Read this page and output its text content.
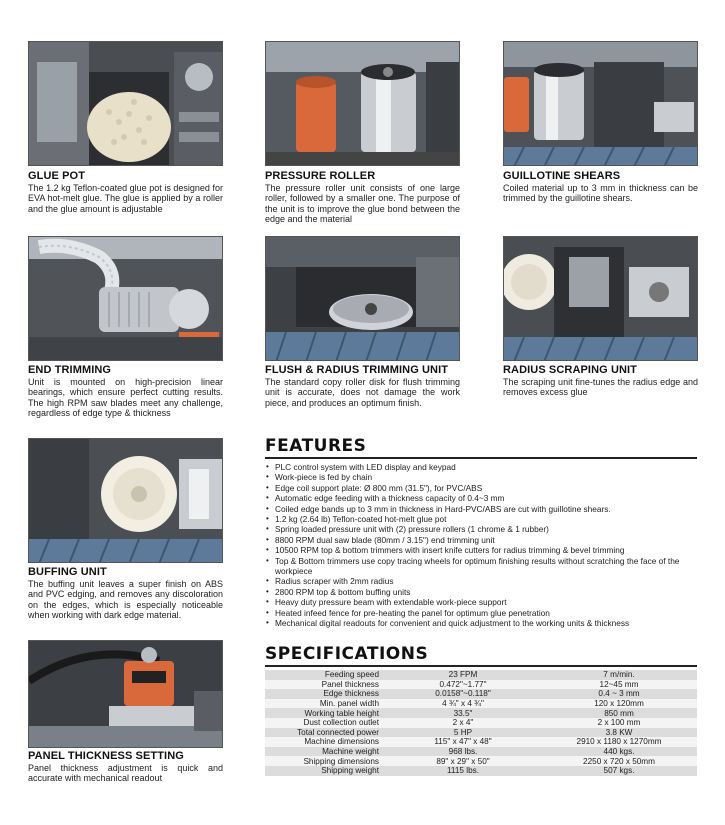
GLUE POT

The 1.2 kg Teflon-coated glue pot is designed for EVA hot-melt glue. The glue is applied by a roller and the glue amount is adjustable

PRESSURE ROLLER

The pressure roller unit consists of one large roller, followed by a smaller one. The purpose of the unit is to improve the glue bond between the edge and the material

GUILLOTINE SHEARS

Coiled material up to 3 mm in thickness can be trimmed by the guillotine shears.

END TRIMMING

Unit is mounted on high-precision linear bearings, which ensure perfect cutting results. The high RPM saw blades meet any challenge, regardless of edge type & thickness

FLUSH & RADIUS TRIMMING UNIT

The standard copy roller disk for flush trimming unit is accurate, does not damage the work piece, and produces an optimum finish.

RADIUS SCRAPING UNIT

The scraping unit fine-tunes the radius edge and removes excess glue

BUFFING UNIT

The buffing unit leaves a super finish on ABS and PVC edging, and removes any discoloration on the edges, which is especially noticeable when working with dark edge material.

PANEL THICKNESS SETTING

Panel thickness adjustment is quick and accurate with mechanical readout

FEATURES
• PLC control system with LED display and keypad
• Work-piece is fed by chain
• Edge coil support plate: Ø 800 mm (31.5"), for PVC/ABS
• Automatic edge feeding with a thickness capacity of 0.4~3 mm
• Coiled edge bands up to 3 mm in thickness in Hard-PVC/ABS are cut with guillotine shears.
• 1.2 kg (2.64 lb) Teflon-coated hot-melt glue pot
• Spring loaded pressure unit with (2) pressure rollers (1 chrome & 1 rubber)
• 8800 RPM dual saw blade (80mm / 3.15") end trimming unit
• 10500 RPM top & bottom trimmers with insert knife cutters for radius trimming & bevel trimming
• Top & Bottom trimmers use copy tracing wheels for optimum finishing results without scratching the face of the workpiece
• Radius scraper with 2mm radius
• 2800 RPM top & bottom buffing units
• Heavy duty pressure beam with extendable work-piece support
• Heated infeed fence for pre-heating the panel for optimum glue penetration
• Mechanical digital readouts for convenient and quick adjustment to the working units & thickness
SPECIFICATIONS
Feeding speed	23 FPM	7 m/min.
Panel thickness	0.472"~1.77"	12~45 mm
Edge thickness	0.0158"~0.118"	0.4 ~ 3 mm
Min. panel width	4 ¾" x 4 ¾"	120 x 120mm
Working table height	33.5"	850 mm
Dust collection outlet	2 x 4"	2 x 100 mm
Total connected power	5 HP	3.8 KW
Machine dimensions	115" x 47" x 48"	2910 x 1180 x 1270mm
Machine weight	968 lbs.	440 kgs.
Shipping dimensions	89" x 29" x 50"	2250 x 720 x 50mm
Shipping weight	1115 lbs.	507 kgs.
